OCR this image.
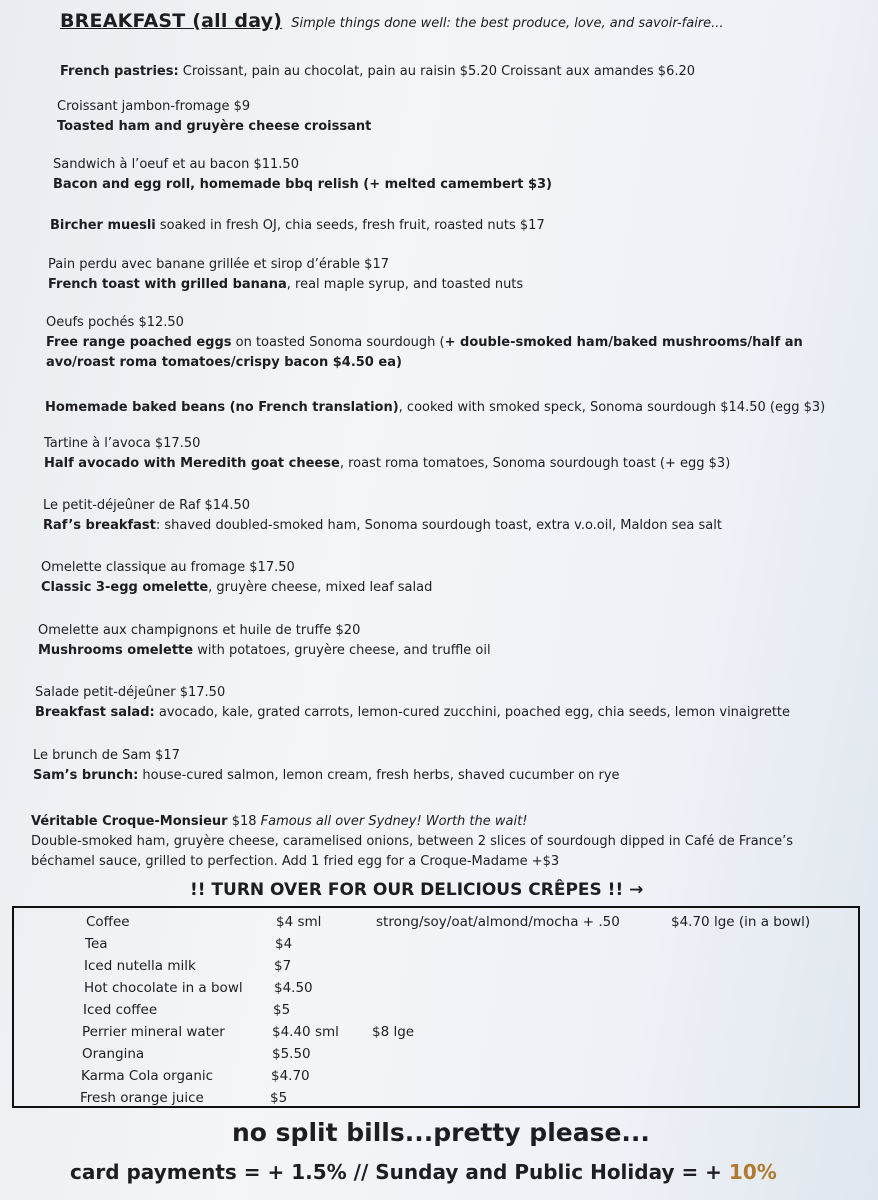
BREAKFAST (all day) Simple things done well: the best produce, love, and savoir-faire...
French pastries: Croissant, pain au chocolat, pain au raisin $5.20 Croissant aux amandes $6.20
Croissant jambon-fromage $9
Toasted ham and gruyère cheese croissant
Sandwich à l’oeuf et au bacon $11.50
Bacon and egg roll, homemade bbq relish (+ melted camembert $3)
Bircher muesli soaked in fresh OJ, chia seeds, fresh fruit, roasted nuts $17
Pain perdu avec banane grillée et sirop d’érable $17
French toast with grilled banana, real maple syrup, and toasted nuts
Oeufs pochés $12.50
Free range poached eggs on toasted Sonoma sourdough (+ double-smoked ham/baked mushrooms/half an
avo/roast roma tomatoes/crispy bacon $4.50 ea)
Homemade baked beans (no French translation), cooked with smoked speck, Sonoma sourdough $14.50 (egg $3)
Tartine à l’avoca $17.50
Half avocado with Meredith goat cheese, roast roma tomatoes, Sonoma sourdough toast (+ egg $3)
Le petit-déjeûner de Raf $14.50
Raf’s breakfast: shaved doubled-smoked ham, Sonoma sourdough toast, extra v.o.oil, Maldon sea salt
Omelette classique au fromage $17.50
Classic 3-egg omelette, gruyère cheese, mixed leaf salad
Omelette aux champignons et huile de truffe $20
Mushrooms omelette with potatoes, gruyère cheese, and truffle oil
Salade petit-déjeûner $17.50
Breakfast salad: avocado, kale, grated carrots, lemon-cured zucchini, poached egg, chia seeds, lemon vinaigrette
Le brunch de Sam $17
Sam’s brunch: house-cured salmon, lemon cream, fresh herbs, shaved cucumber on rye
Véritable Croque-Monsieur $18 Famous all over Sydney! Worth the wait!
Double-smoked ham, gruyère cheese, caramelised onions, between 2 slices of sourdough dipped in Café de France’s
béchamel sauce, grilled to perfection. Add 1 fried egg for a Croque-Madame +$3
!! TURN OVER FOR OUR DELICIOUS CRÊPES !! →
Coffee	$4 sml	strong/soy/oat/almond/mocha + .50	$4.70 lge (in a bowl)
Tea	$4
Iced nutella milk	$7
Hot chocolate in a bowl $4.50
Iced coffee	$5
Perrier mineral water	$4.40 sml $8 lge
Orangina	$5.50
Karma Cola organic	$4.70
Fresh orange juice	$5
no split bills...pretty please...
card payments = + 1.5% // Sunday and Public Holiday = + 10%
